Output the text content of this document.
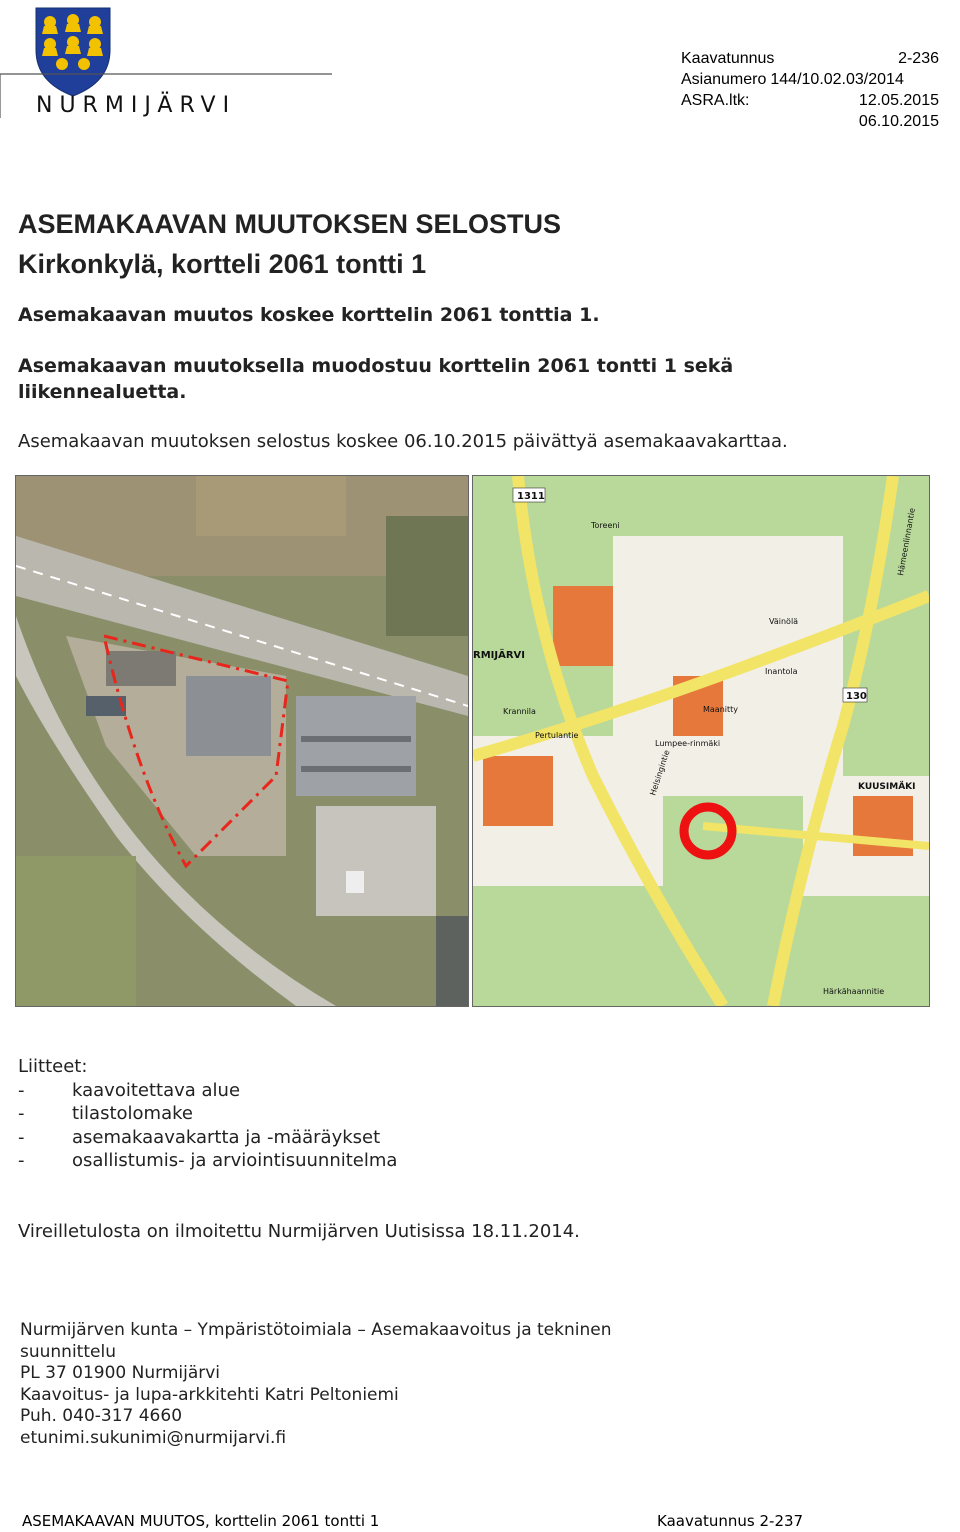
NURMIJÄRVI
Kaavatunnus	2-236
Asianumero 144/10.02.03/2014
ASRA.ltk:	12.05.2015
06.10.2015
ASEMAKAAVAN MUUTOKSEN SELOSTUS
Kirkonkylä, kortteli 2061 tontti 1
Asemakaavan muutos koskee korttelin 2061 tonttia 1.
Asemakaavan muutoksella muodostuu korttelin 2061 tontti 1 sekä liikennealuetta.
Asemakaavan muutoksen selostus koskee 06.10.2015 päivättyä asemakaavakarttaa.
1311
130
KUUSIMÄKI
RMIJÄRVI
Toreeni
Väinölä
Inantola
Krannila
Pertulantie
Maanitty
Lumpee-rinmäki
Härkähaannitie
Hämeenlinnantie
Helsingintie
Liitteet:
-	kaavoitettava alue
-	tilastolomake
-	asemakaavakartta ja -määräykset
-	osallistumis- ja arviointisuunnitelma
Vireilletulosta on ilmoitettu Nurmijärven Uutisissa 18.11.2014.
Nurmijärven kunta – Ympäristötoimiala – Asemakaavoitus ja tekninen
suunnittelu
PL 37 01900 Nurmijärvi
Kaavoitus- ja lupa-arkkitehti Katri Peltoniemi
Puh. 040-317 4660
etunimi.sukunimi@nurmijarvi.fi
ASEMAKAAVAN MUUTOS, korttelin 2061 tontti 1	Kaavatunnus 2-237
